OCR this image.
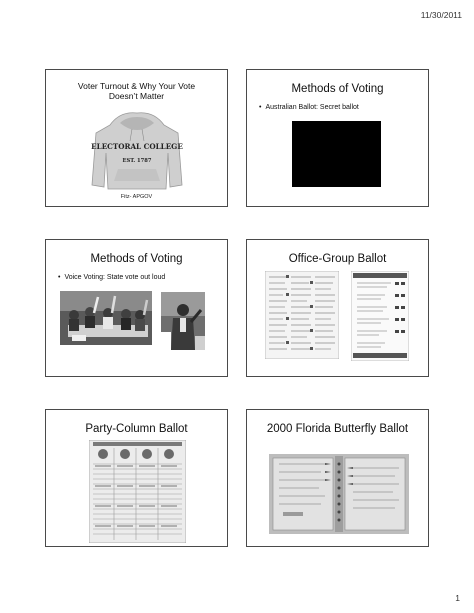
11/30/2011
Voter Turnout & Why Your Vote
Doesn’t Matter
ELECTORAL COLLEGE
EST. 1787
Fitz- APGOV
Methods of Voting
• Australian Ballot: Secret ballot
Methods of Voting
• Voice Voting: State vote out loud
Office-Group Ballot
Party-Column Ballot	2000 Florida Butterfly Ballot
1
